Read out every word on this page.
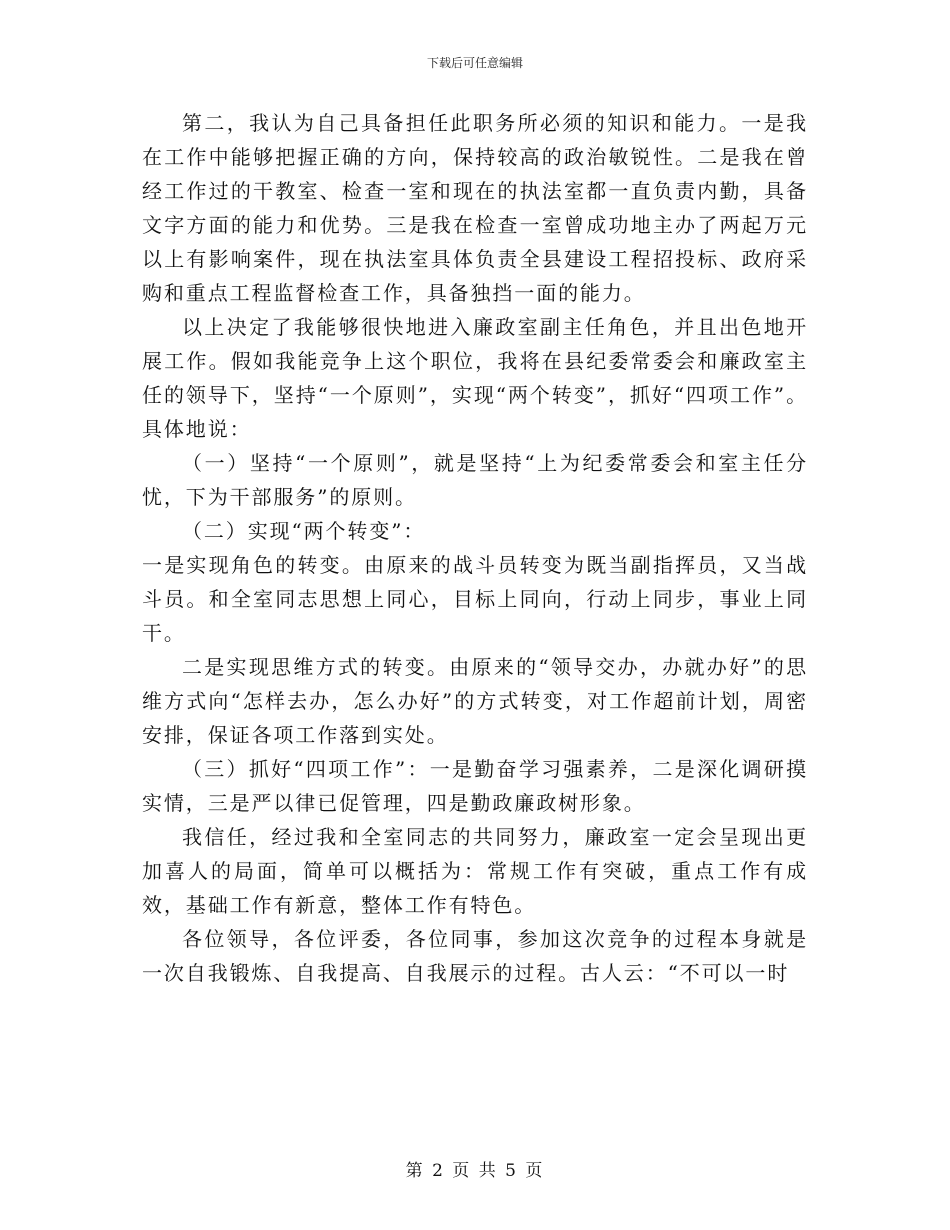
下载后可任意编辑

第二，我认为自己具备担任此职务所必须的知识和能力。一是我在工作中能够把握正确的方向，保持较高的政治敏锐性。二是我在曾经工作过的干教室、检查一室和现在的执法室都一直负责内勤，具备文字方面的能力和优势。三是我在检查一室曾成功地主办了两起万元以上有影响案件，现在执法室具体负责全县建设工程招投标、政府采购和重点工程监督检查工作，具备独挡一面的能力。

以上决定了我能够很快地进入廉政室副主任角色，并且出色地开展工作。假如我能竞争上这个职位，我将在县纪委常委会和廉政室主任的领导下，坚持“一个原则”，实现“两个转变”，抓好“四项工作”。具体地说：

（一）坚持“一个原则”，就是坚持“上为纪委常委会和室主任分忧，下为干部服务”的原则。

（二）实现“两个转变”：

一是实现角色的转变。由原来的战斗员转变为既当副指挥员，又当战斗员。和全室同志思想上同心，目标上同向，行动上同步，事业上同干。

二是实现思维方式的转变。由原来的“领导交办，办就办好”的思维方式向“怎样去办，怎么办好”的方式转变，对工作超前计划，周密安排，保证各项工作落到实处。

（三）抓好“四项工作”：一是勤奋学习强素养，二是深化调研摸实情，三是严以律已促管理，四是勤政廉政树形象。

我信任，经过我和全室同志的共同努力，廉政室一定会呈现出更加喜人的局面，简单可以概括为：常规工作有突破，重点工作有成效，基础工作有新意，整体工作有特色。

各位领导，各位评委，各位同事，参加这次竞争的过程本身就是一次自我锻炼、自我提高、自我展示的过程。古人云：“不可以一时

第 2 页 共 5 页
